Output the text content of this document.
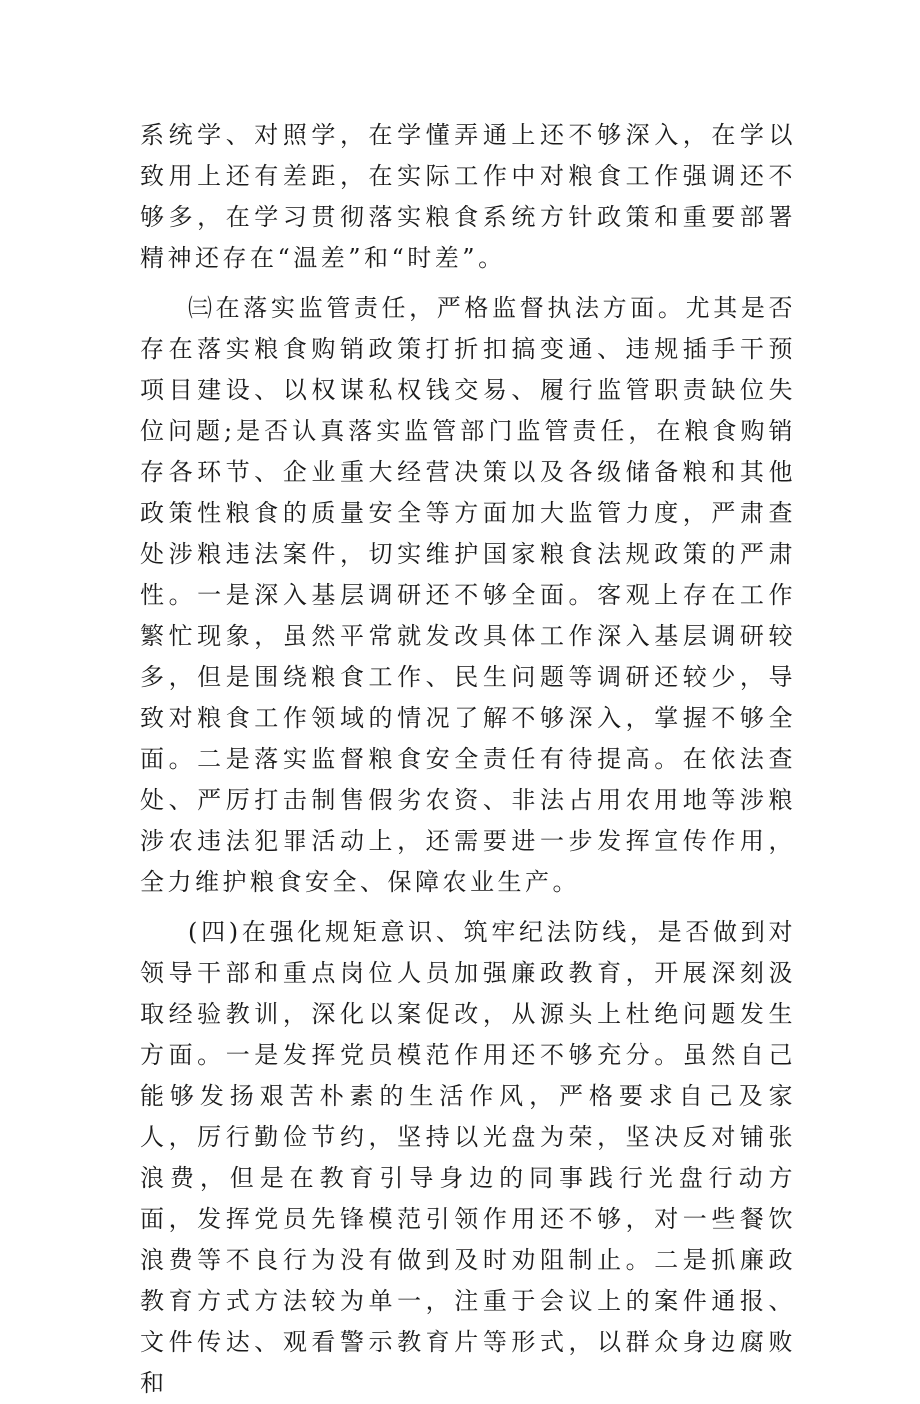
系统学、对照学，在学懂弄通上还不够深入，在学以致用上还有差距，在实际工作中对粮食工作强调还不够多，在学习贯彻落实粮食系统方针政策和重要部署精神还存在“温差”和“时差”。

㈢在落实监管责任，严格监督执法方面。尤其是否存在落实粮食购销政策打折扣搞变通、违规插手干预项目建设、以权谋私权钱交易、履行监管职责缺位失位问题;是否认真落实监管部门监管责任，在粮食购销存各环节、企业重大经营决策以及各级储备粮和其他政策性粮食的质量安全等方面加大监管力度，严肃查处涉粮违法案件，切实维护国家粮食法规政策的严肃性。一是深入基层调研还不够全面。客观上存在工作繁忙现象，虽然平常就发改具体工作深入基层调研较多，但是围绕粮食工作、民生问题等调研还较少，导致对粮食工作领域的情况了解不够深入，掌握不够全面。二是落实监督粮食安全责任有待提高。在依法查处、严厉打击制售假劣农资、非法占用农用地等涉粮涉农违法犯罪活动上，还需要进一步发挥宣传作用，全力维护粮食安全、保障农业生产。

(四)在强化规矩意识、筑牢纪法防线，是否做到对领导干部和重点岗位人员加强廉政教育，开展深刻汲取经验教训，深化以案促改，从源头上杜绝问题发生方面。一是发挥党员模范作用还不够充分。虽然自己能够发扬艰苦朴素的生活作风，严格要求自己及家人，厉行勤俭节约，坚持以光盘为荣，坚决反对铺张浪费，但是在教育引导身边的同事践行光盘行动方面，发挥党员先锋模范引领作用还不够，对一些餐饮浪费等不良行为没有做到及时劝阻制止。二是抓廉政教育方式方法较为单一，注重于会议上的案件通报、文件传达、观看警示教育片等形式，以群众身边腐败和
